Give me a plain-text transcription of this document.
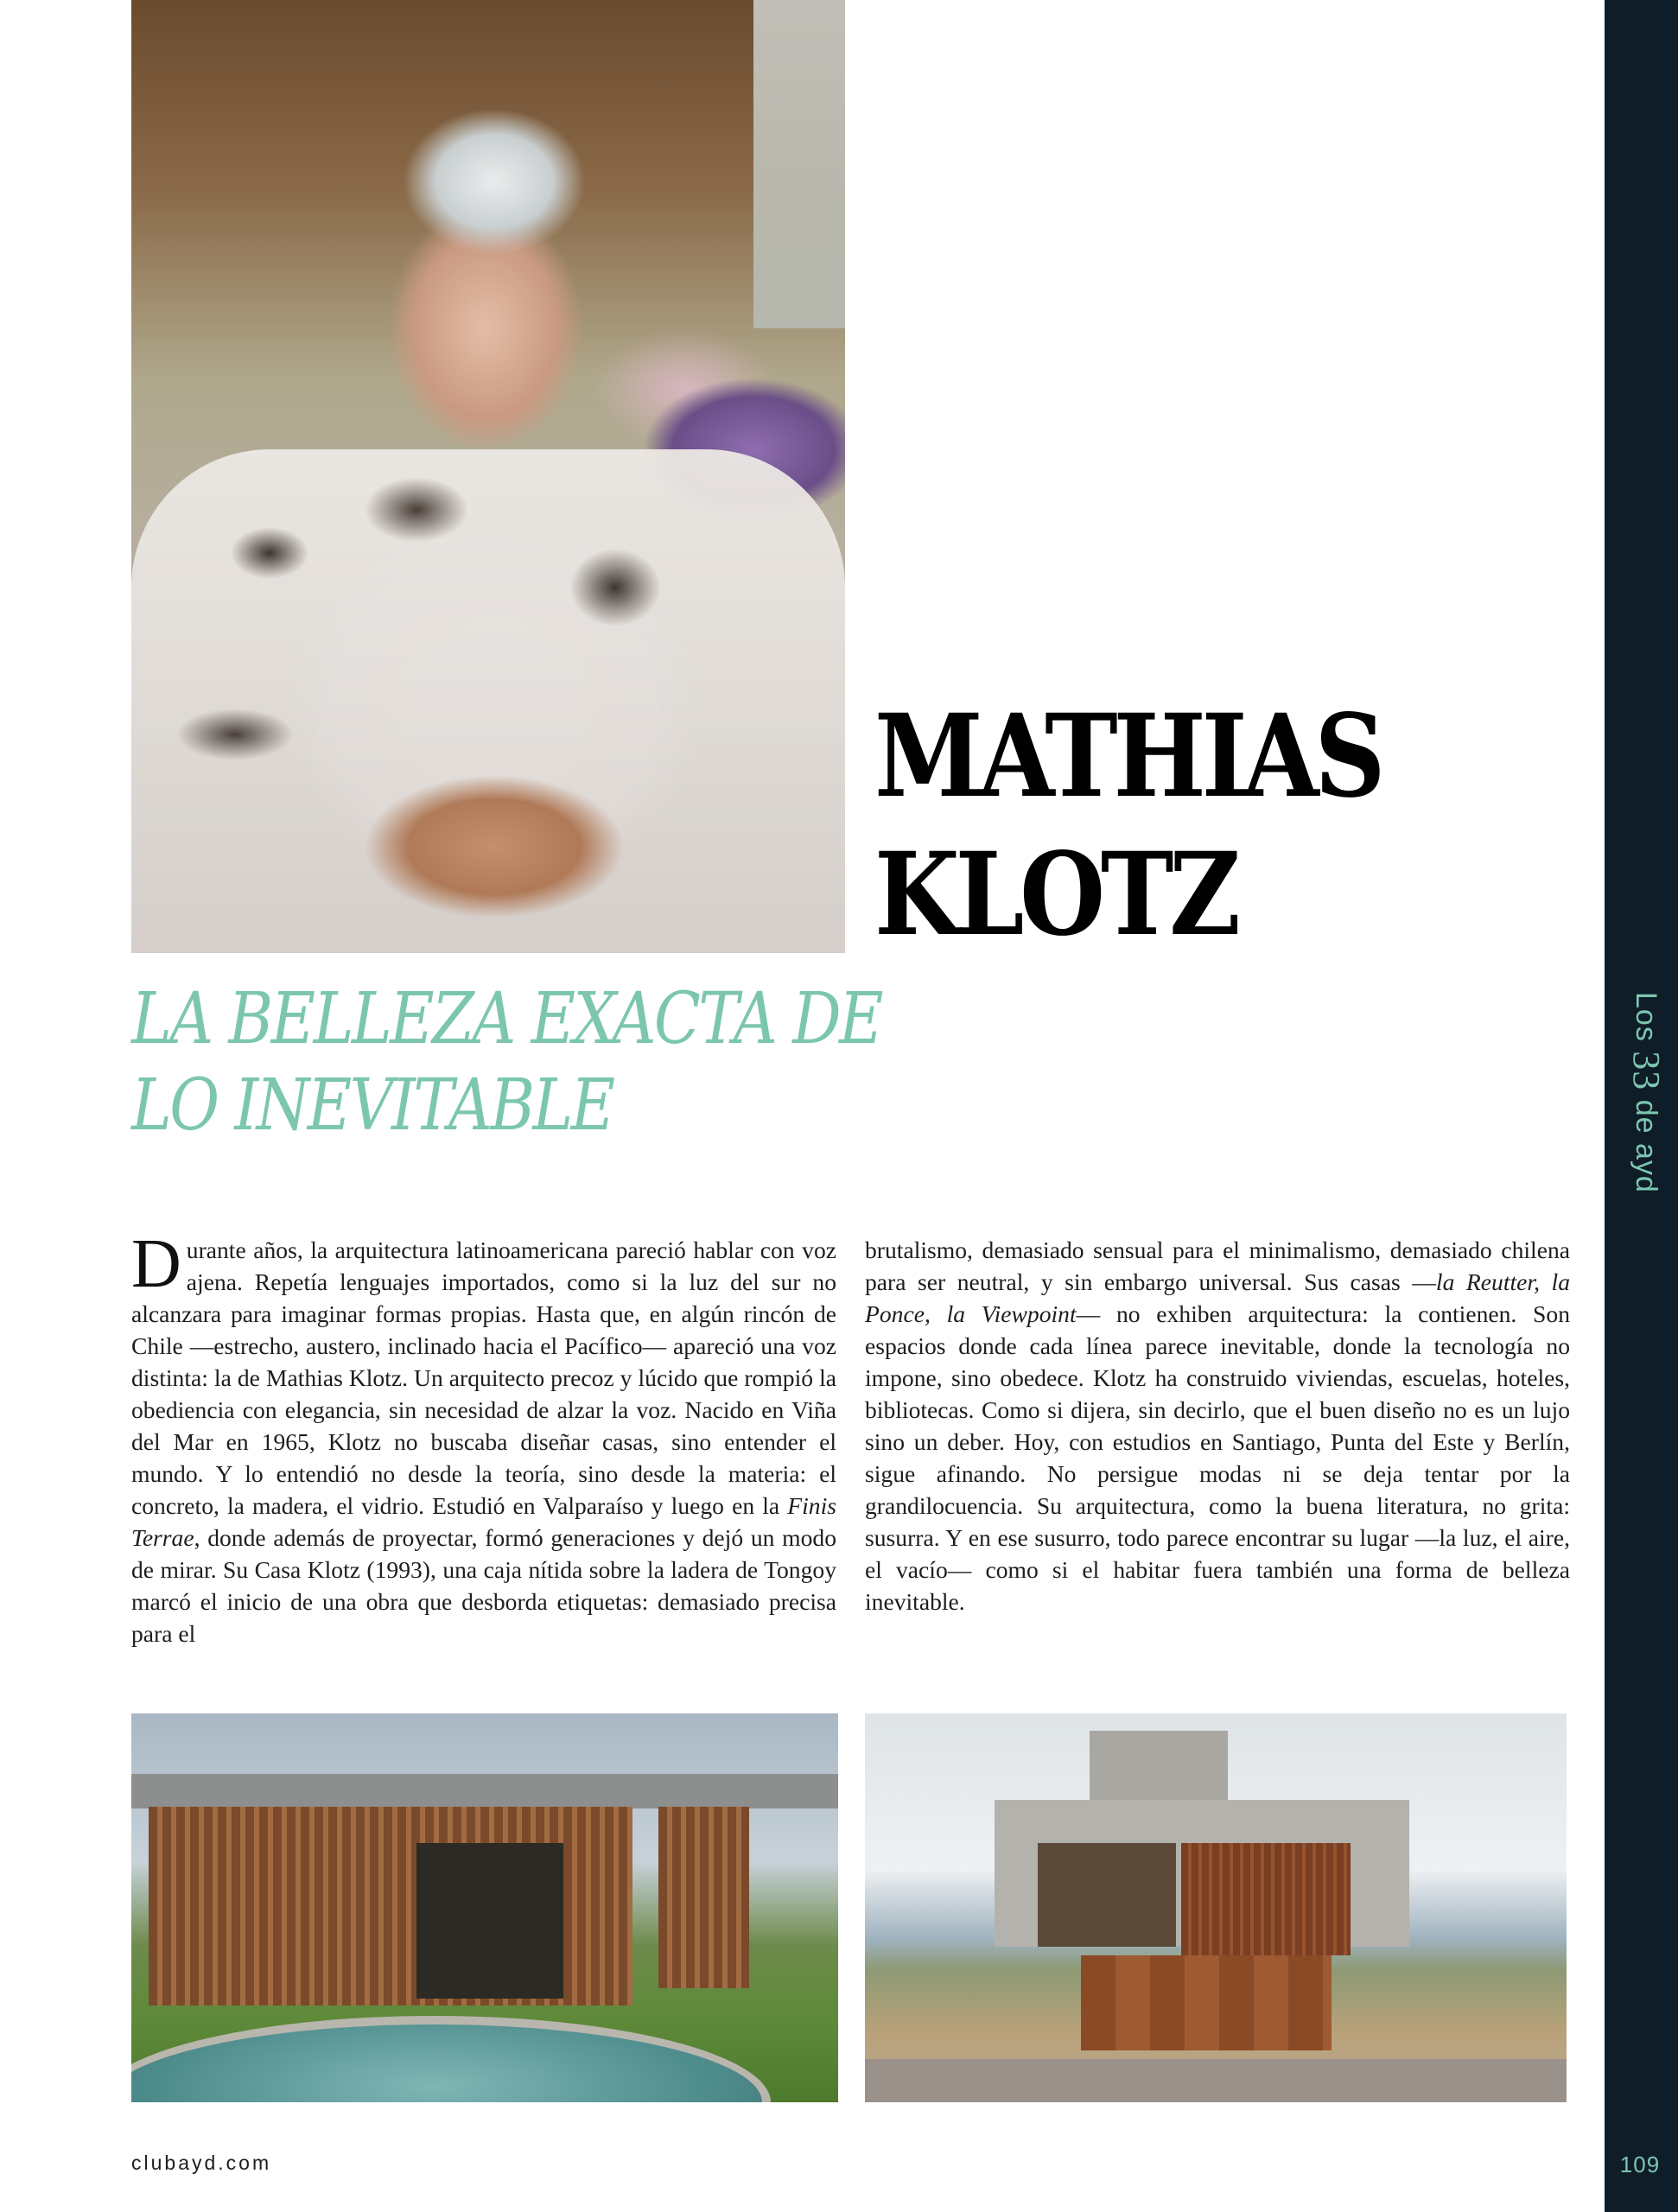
Los 33 de ayd
109
MATHIAS
KLOTZ
LA BELLEZA EXACTA DE
LO INEVITABLE

Durante años, la arquitectura latinoamericana pareció hablar con voz ajena. Repetía lenguajes importados, como si la luz del sur no alcanzara para imaginar formas propias. Hasta que, en algún rincón de Chile —estrecho, austero, inclinado hacia el Pacífico— apareció una voz distinta: la de Mathias Klotz. Un arquitecto precoz y lúcido que rompió la obediencia con elegancia, sin necesidad de alzar la voz. Nacido en Viña del Mar en 1965, Klotz no buscaba diseñar casas, sino entender el mundo. Y lo entendió no desde la teoría, sino desde la materia: el concreto, la madera, el vidrio. Estudió en Valparaíso y luego en la Finis Terrae, donde además de proyectar, formó generaciones y dejó un modo de mirar. Su Casa Klotz (1993), una caja nítida sobre la ladera de Tongoy marcó el inicio de una obra que desborda etiquetas: demasiado precisa para el

brutalismo, demasiado sensual para el minimalismo, demasiado chilena para ser neutral, y sin embargo universal. Sus casas —la Reutter, la Ponce, la Viewpoint— no exhiben arquitectura: la contienen. Son espacios donde cada línea parece inevitable, donde la tecnología no impone, sino obedece. Klotz ha construido viviendas, escuelas, hoteles, bibliotecas. Como si dijera, sin decirlo, que el buen diseño no es un lujo sino un deber. Hoy, con estudios en Santiago, Punta del Este y Berlín, sigue afinando. No persigue modas ni se deja tentar por la grandilocuencia. Su arquitectura, como la buena literatura, no grita: susurra. Y en ese susurro, todo parece encontrar su lugar —la luz, el aire, el vacío— como si el habitar fuera también una forma de belleza inevitable.

clubayd.com
